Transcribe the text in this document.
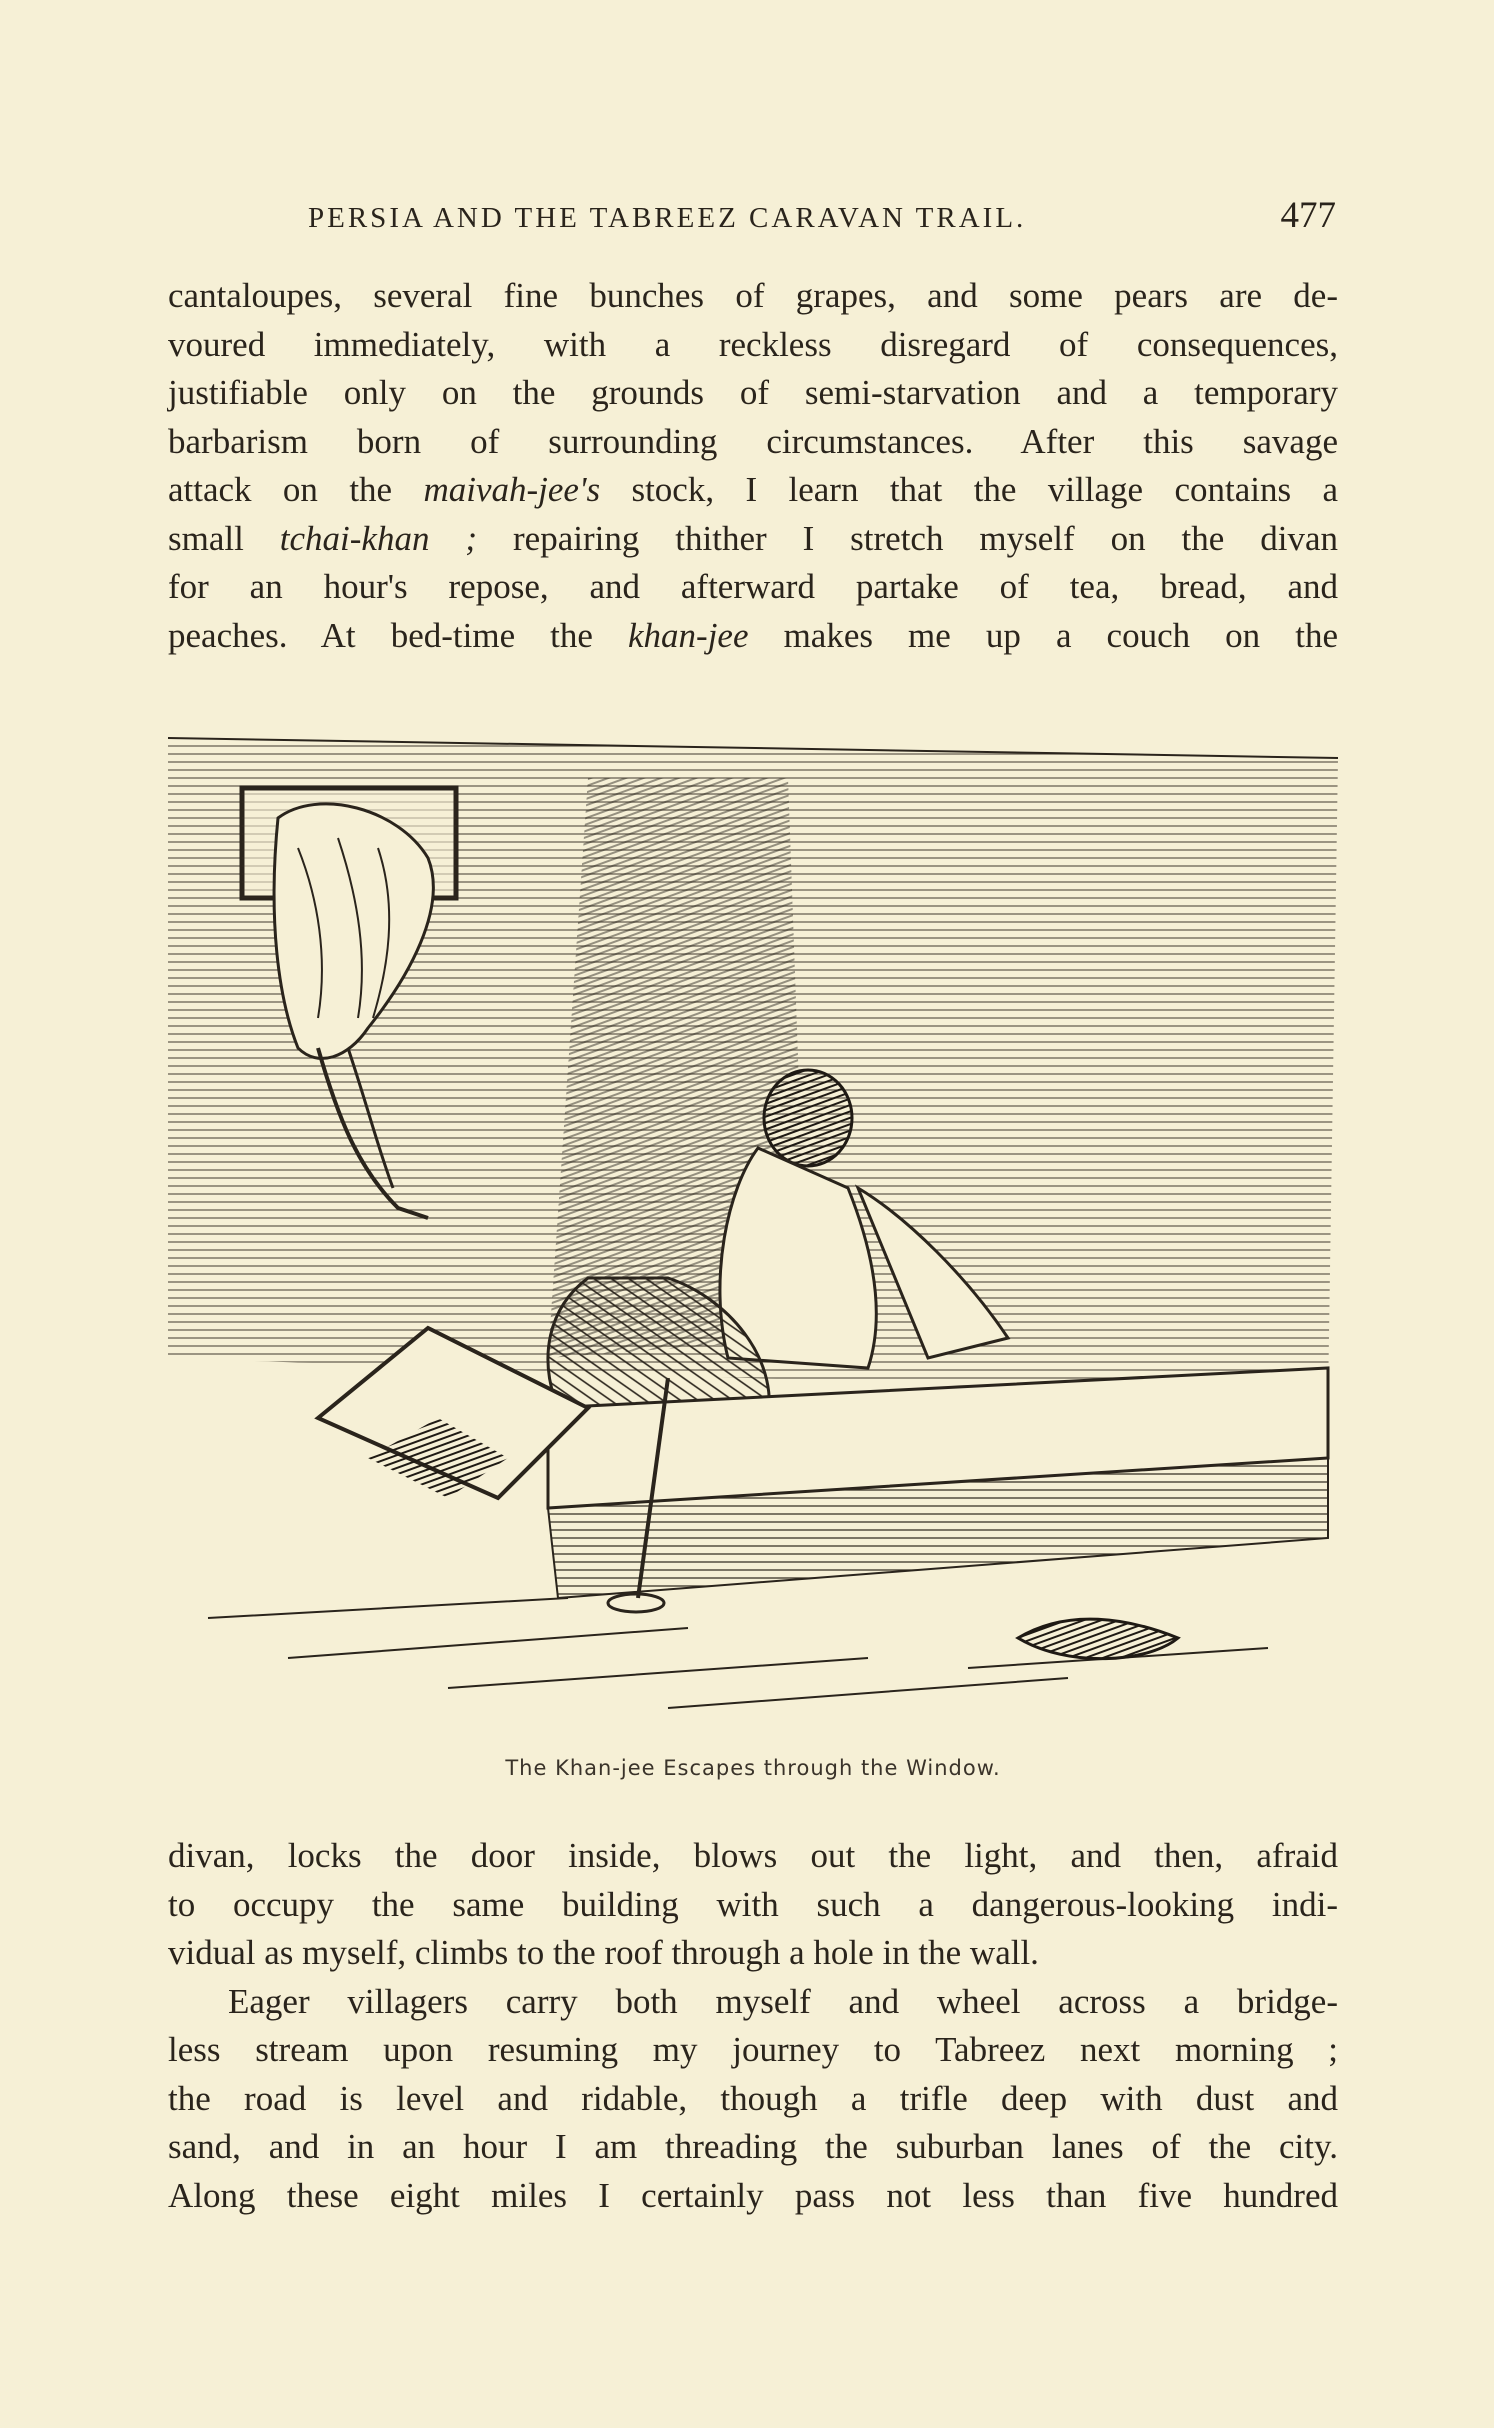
PERSIA AND THE TABREEZ CARAVAN TRAIL.	477
cantaloupes, several fine bunches of grapes, and some pears are de-
voured immediately, with a reckless disregard of consequences,
justifiable only on the grounds of semi-starvation and a temporary
barbarism born of surrounding circumstances. After this savage
attack on the maivah-jee's stock, I learn that the village contains a
small tchai-khan ; repairing thither I stretch myself on the divan
for an hour's repose, and afterward partake of tea, bread, and
peaches. At bed-time the khan-jee makes me up a couch on the
The Khan-jee Escapes through the Window.
divan, locks the door inside, blows out the light, and then, afraid
to occupy the same building with such a dangerous-looking indi-
vidual as myself, climbs to the roof through a hole in the wall.
Eager villagers carry both myself and wheel across a bridge-
less stream upon resuming my journey to Tabreez next morning ;
the road is level and ridable, though a trifle deep with dust and
sand, and in an hour I am threading the suburban lanes of the city.
Along these eight miles I certainly pass not less than five hundred
